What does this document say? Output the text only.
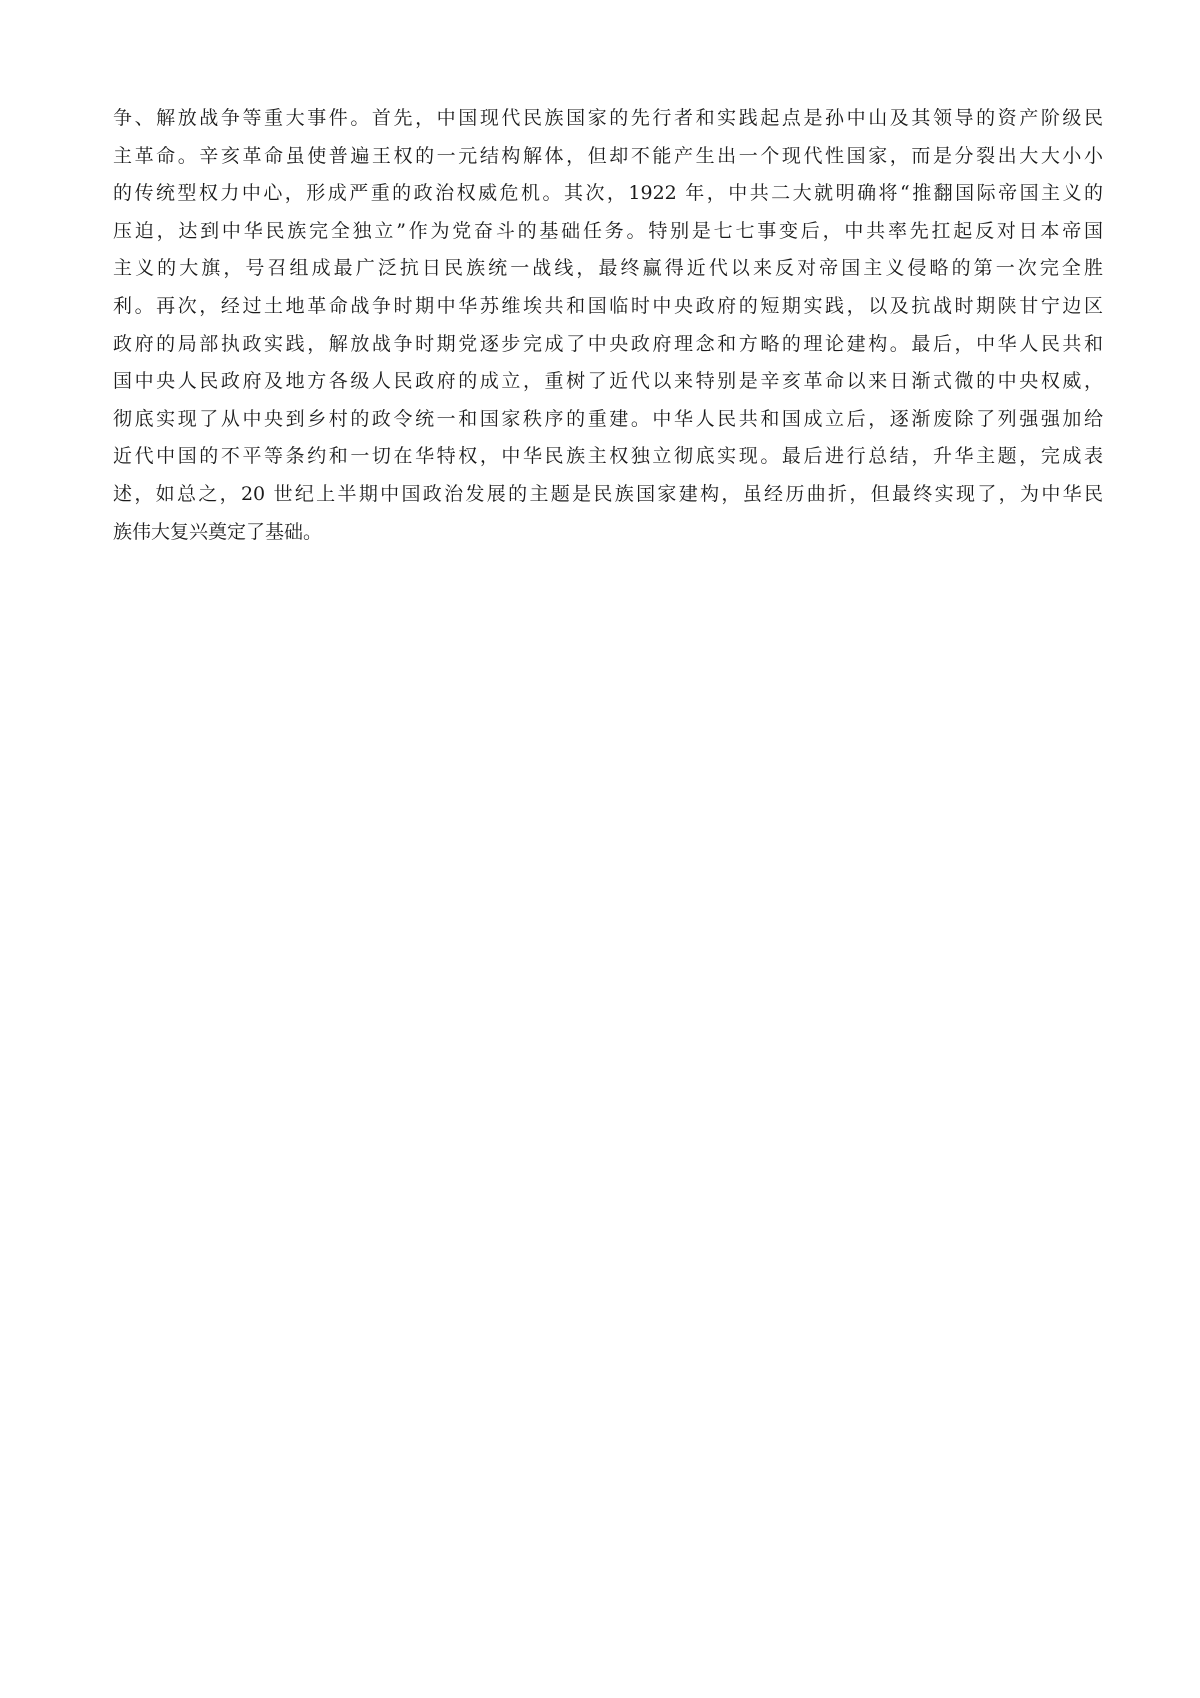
争、解放战争等重大事件。首先，中国现代民族国家的先行者和实践起点是孙中山及其领导的资产阶级民
主革命。辛亥革命虽使普遍王权的一元结构解体，但却不能产生出一个现代性国家，而是分裂出大大小小
的传统型权力中心，形成严重的政治权威危机。其次，1922 年，中共二大就明确将“推翻国际帝国主义的
压迫，达到中华民族完全独立”作为党奋斗的基础任务。特别是七七事变后，中共率先扛起反对日本帝国
主义的大旗，号召组成最广泛抗日民族统一战线，最终赢得近代以来反对帝国主义侵略的第一次完全胜
利。再次，经过土地革命战争时期中华苏维埃共和国临时中央政府的短期实践，以及抗战时期陕甘宁边区
政府的局部执政实践，解放战争时期党逐步完成了中央政府理念和方略的理论建构。最后，中华人民共和
国中央人民政府及地方各级人民政府的成立，重树了近代以来特别是辛亥革命以来日渐式微的中央权威，
彻底实现了从中央到乡村的政令统一和国家秩序的重建。中华人民共和国成立后，逐渐废除了列强强加给
近代中国的不平等条约和一切在华特权，中华民族主权独立彻底实现。最后进行总结，升华主题，完成表
述，如总之，20 世纪上半期中国政治发展的主题是民族国家建构，虽经历曲折，但最终实现了，为中华民
族伟大复兴奠定了基础。
